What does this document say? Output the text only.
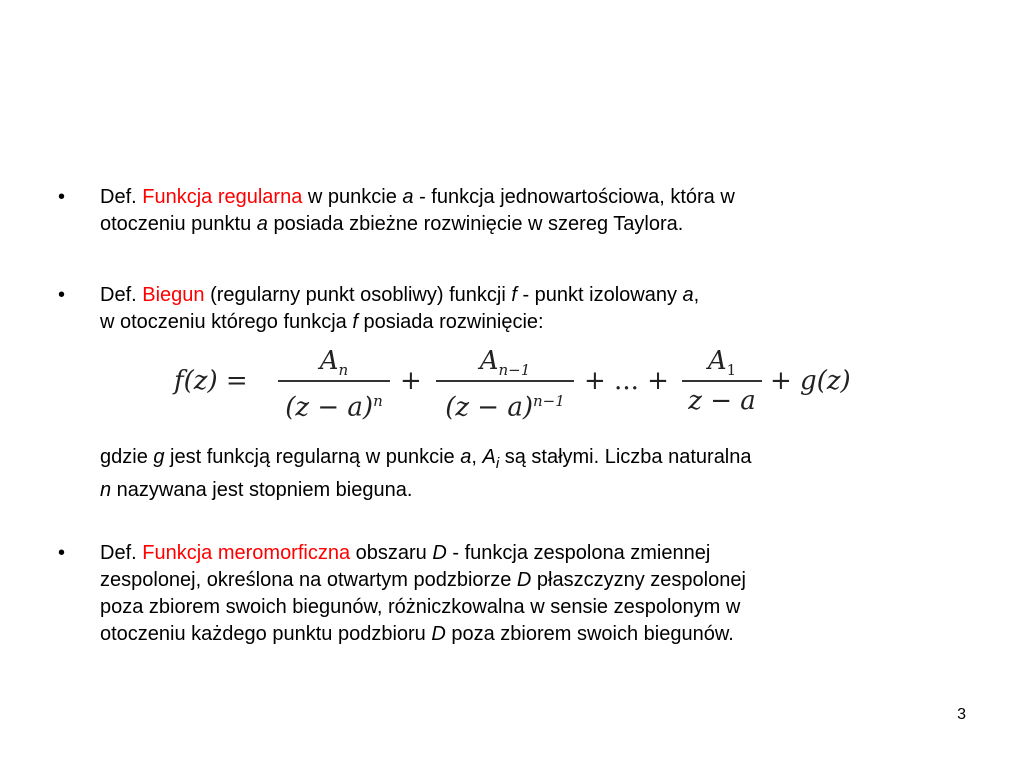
•	Def. Funkcja regularna w punkcie a - funkcja jednowartościowa, która w
otoczeniu punktu a posiada zbieżne rozwinięcie w szereg Taylora.
•	Def. Biegun (regularny punkt osobliwy) funkcji f - punkt izolowany a,
w otoczeniu którego funkcja f posiada rozwinięcie:
f(z) =
$A_n$
$(z - a)^n$
+
$A_{n-1}$
$(z - a)^{n-1}$
+ ... +
$A_1$
z − a
+ g(z)
gdzie g jest funkcją regularną w punkcie a, $A_i$ są stałymi. Liczba naturalna
n nazywana jest stopniem bieguna.
•	Def. Funkcja meromorficzna obszaru D - funkcja zespolona zmiennej
zespolonej, określona na otwartym podzbiorze D płaszczyzny zespolonej
poza zbiorem swoich biegunów, różniczkowalna w sensie zespolonym w
otoczeniu każdego punktu podzbioru D poza zbiorem swoich biegunów.
3
